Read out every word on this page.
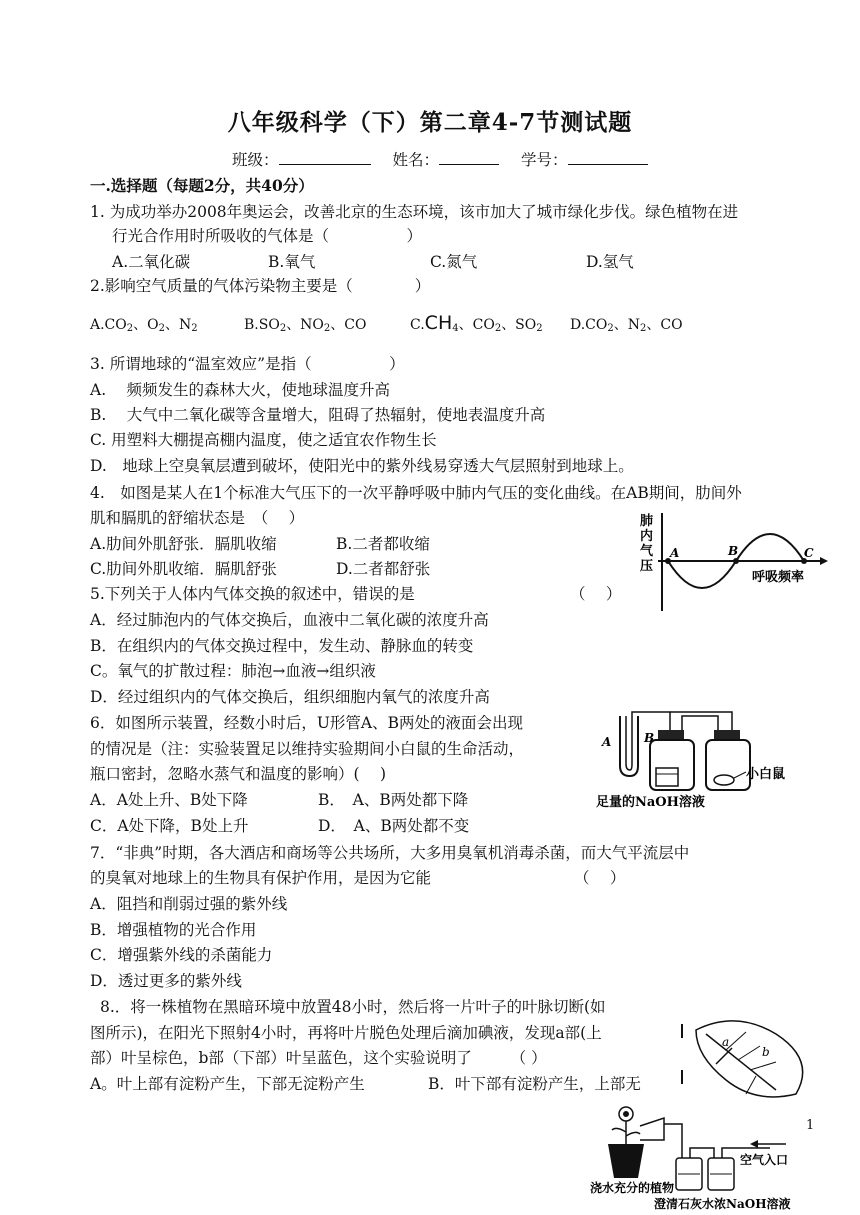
八年级科学（下）第二章4-7节测试题
班级：	姓名：	学号：
一.选择题（每题2分，共40分）
1. 为成功举办2008年奥运会，改善北京的生态环境，该市加大了城市绿化步伐。绿色植物在进
行光合作用时所吸收的气体是（　　　　　）
A.二氧化碳	B.氧气	C.氮气	D.氢气
2.影响空气质量的气体污染物主要是（　　　　）
A.CO2、O2、N2	B.SO2、NO2、CO	C.CH4、CO2、SO2 D.CO2、N2、CO
3. 所谓地球的“温室效应”是指（　　　　　）
A.　 频频发生的森林大火，使地球温度升高
B.　 大气中二氧化碳等含量增大，阻碍了热辐射，使地表温度升高
C. 用塑料大棚提高棚内温度，使之适宜农作物生长
D.　地球上空臭氧层遭到破坏，使阳光中的紫外线易穿透大气层照射到地球上。
4.　如图是某人在1个标准大气压下的一次平静呼吸中肺内气压的变化曲线。在AB期间，肋间外
肌和膈肌的舒缩状态是　（　 ）
A.肋间外肌舒张．膈肌收缩	B.二者都收缩
C.肋间外肌收缩．膈肌舒张	D.二者都舒张
肺
内
气
压
A	B	C
呼吸频率
5.下列关于人体内气体交换的叙述中，错误的是	（　 ）
A．经过肺泡内的气体交换后，血液中二氧化碳的浓度升高
B．在组织内的气体交换过程中，发生动、静脉血的转变
C。氧气的扩散过程：肺泡→血液→组织液
D．经过组织内的气体交换后，组织细胞内氧气的浓度升高
6．如图所示装置，经数小时后，U形管A、B两处的液面会出现
的情况是（注：实验装置足以维持实验期间小白鼠的生命活动，
瓶口密封，忽略水蒸气和温度的影响）(　 )
A．A处上升、B处下降	B．　A、B两处都下降
C．A处下降，B处上升	D．　A、B两处都不变
A	B
小白鼠
足量的NaOH溶液
7．“非典”时期，各大酒店和商场等公共场所，大多用臭氧机消毒杀菌，而大气平流层中
的臭氧对地球上的生物具有保护作用，是因为它能	（　 ）
A．阻挡和削弱过强的紫外线
B．增强植物的光合作用
C．增强紫外线的杀菌能力
D．透过更多的紫外线
8.．将一株植物在黑暗环境中放置48小时，然后将一片叶子的叶脉切断(如
图所示)，在阳光下照射4小时，再将叶片脱色处理后滴加碘液，发现a部(上
部）叶呈棕色，b部（下部）叶呈蓝色，这个实验说明了　　　（ ）
A。叶上部有淀粉产生，下部无淀粉产生	B．叶下部有淀粉产生，上部无
a
b
1
空气入口
浇水充分的植物
澄清石灰水 浓NaOH溶液
